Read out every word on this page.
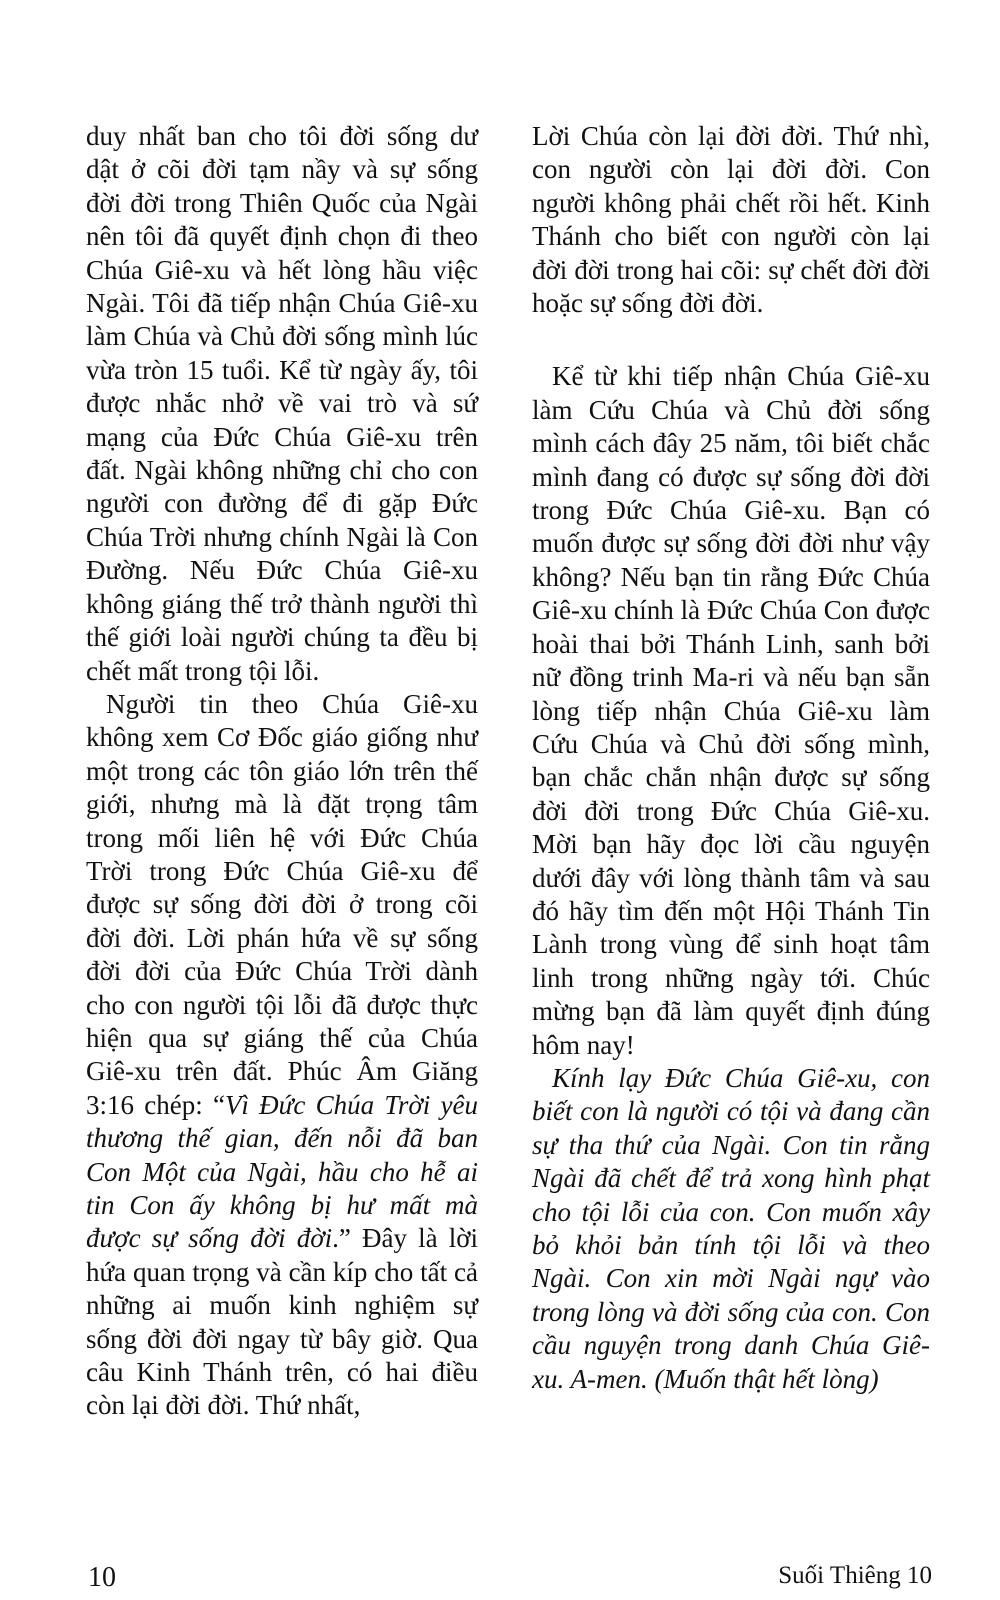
duy nhất ban cho tôi đời sống dư dật ở cõi đời tạm nầy và sự sống đời đời trong Thiên Quốc của Ngài nên tôi đã quyết định chọn đi theo Chúa Giê-xu và hết lòng hầu việc Ngài. Tôi đã tiếp nhận Chúa Giê-xu làm Chúa và Chủ đời sống mình lúc vừa tròn 15 tuổi. Kể từ ngày ấy, tôi được nhắc nhở về vai trò và sứ mạng của Đức Chúa Giê-xu trên đất. Ngài không những chỉ cho con người con đường để đi gặp Đức Chúa Trời nhưng chính Ngài là Con Đường. Nếu Đức Chúa Giê-xu không giáng thế trở thành người thì thế giới loài người chúng ta đều bị chết mất trong tội lỗi.

Người tin theo Chúa Giê-xu không xem Cơ Đốc giáo giống như một trong các tôn giáo lớn trên thế giới, nhưng mà là đặt trọng tâm trong mối liên hệ với Đức Chúa Trời trong Đức Chúa Giê-xu để được sự sống đời đời ở trong cõi đời đời. Lời phán hứa về sự sống đời đời của Đức Chúa Trời dành cho con người tội lỗi đã được thực hiện qua sự giáng thế của Chúa Giê-xu trên đất. Phúc Âm Giăng 3:16 chép: “Vì Đức Chúa Trời yêu thương thế gian, đến nỗi đã ban Con Một của Ngài, hầu cho hễ ai tin Con ấy không bị hư mất mà được sự sống đời đời.” Đây là lời hứa quan trọng và cần kíp cho tất cả những ai muốn kinh nghiệm sự sống đời đời ngay từ bây giờ. Qua câu Kinh Thánh trên, có hai điều còn lại đời đời. Thứ nhất,

Lời Chúa còn lại đời đời. Thứ nhì, con người còn lại đời đời. Con người không phải chết rồi hết. Kinh Thánh cho biết con người còn lại đời đời trong hai cõi: sự chết đời đời hoặc sự sống đời đời.

Kể từ khi tiếp nhận Chúa Giê-xu làm Cứu Chúa và Chủ đời sống mình cách đây 25 năm, tôi biết chắc mình đang có được sự sống đời đời trong Đức Chúa Giê-xu. Bạn có muốn được sự sống đời đời như vậy không? Nếu bạn tin rằng Đức Chúa Giê-xu chính là Đức Chúa Con được hoài thai bởi Thánh Linh, sanh bởi nữ đồng trinh Ma-ri và nếu bạn sẵn lòng tiếp nhận Chúa Giê-xu làm Cứu Chúa và Chủ đời sống mình, bạn chắc chắn nhận được sự sống đời đời trong Đức Chúa Giê-xu. Mời bạn hãy đọc lời cầu nguyện dưới đây với lòng thành tâm và sau đó hãy tìm đến một Hội Thánh Tin Lành trong vùng để sinh hoạt tâm linh trong những ngày tới. Chúc mừng bạn đã làm quyết định đúng hôm nay!

Kính lạy Đức Chúa Giê-xu, con biết con là người có tội và đang cần sự tha thứ của Ngài. Con tin rằng Ngài đã chết để trả xong hình phạt cho tội lỗi của con. Con muốn xây bỏ khỏi bản tính tội lỗi và theo Ngài. Con xin mời Ngài ngự vào trong lòng và đời sống của con. Con cầu nguyện trong danh Chúa Giê-xu. A-men. (Muốn thật hết lòng)

10	Suối Thiêng 10
